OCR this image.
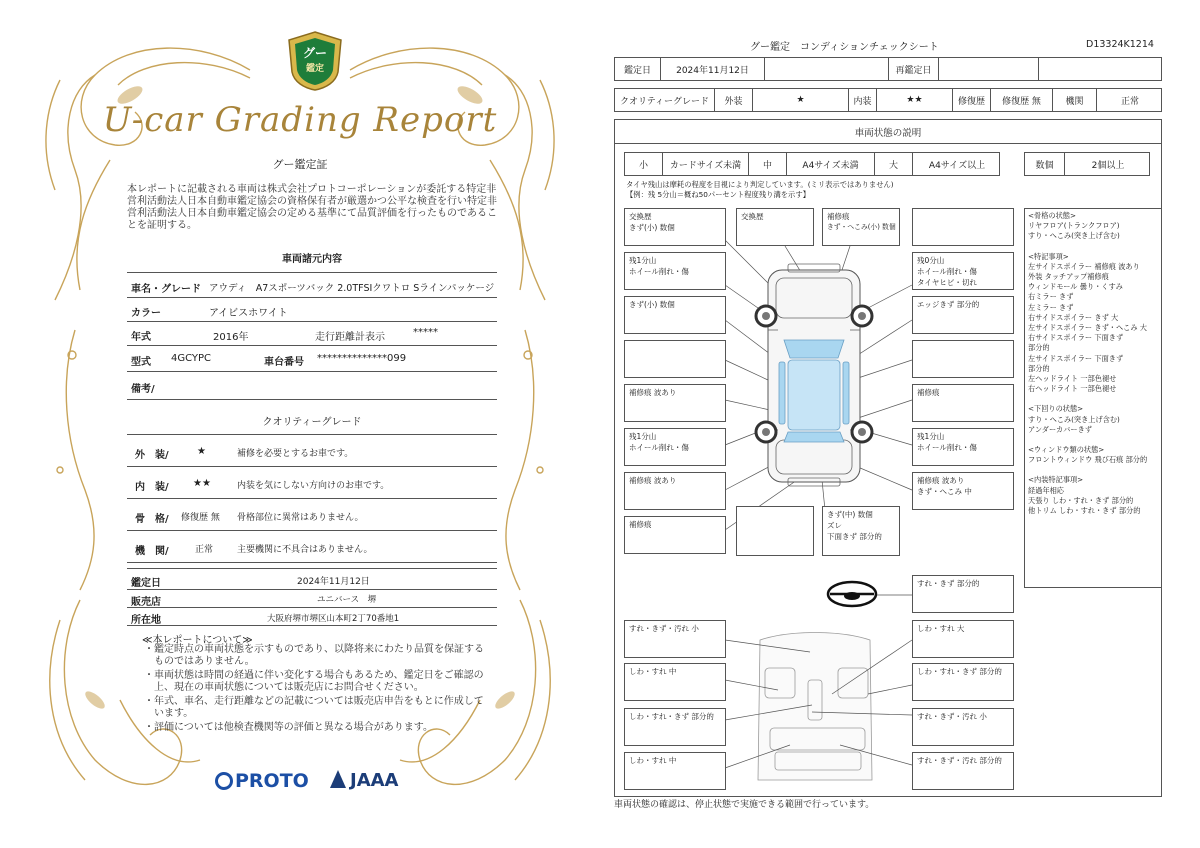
グー
鑑定
U-car Grading Report
グー鑑定証
本レポートに記載される車両は株式会社プロトコーポレーションが委託する特定非営利活動法人日本自動車鑑定協会の資格保有者が厳選かつ公平な検査を行い特定非営利活動法人日本自動車鑑定協会の定める基準にて品質評価を行ったものであることを証明する。
車両諸元内容
車名・グレード アウディ　A7スポーツバック 2.0TFSIクワトロ Sラインパッケージ
カラー	アイビスホワイト
年式	2016年	走行距離計表示	*****
型式 4GCYPC	車台番号 **************099
備考/
クオリティーグレード
外　装/	★	補修を必要とするお車です。
内　装/ ★★	内装を気にしない方向けのお車です。
骨　格/ 修復歴 無 骨格部位に異常はありません。
機　関/	正常	主要機関に不具合はありません。
鑑定日	2024年11月12日
販売店	ユニバース　堺
所在地	大阪府堺市堺区山本町2丁70番地1
≪本レポートについて≫
・鑑定時点の車両状態を示すものであり、以降将来にわたり品質を保証するものではありません。
・車両状態は時間の経過に伴い変化する場合もあるため、鑑定日をご確認の上、現在の車両状態については販売店にお問合せください。
・年式、車名、走行距離などの記載については販売店申告をもとに作成しています。
・評価については他検査機関等の評価と異なる場合があります。
PROTO	JAAA
グー鑑定　コンディションチェックシート	D13324K1214
鑑定日	2024年11月12日	再鑑定日
クオリティーグレード	外装	★	内装	★★	修復歴	修復歴 無	機関	正常
車両状態の説明
小	カードサイズ未満	中	A4サイズ未満	大	A4サイズ以上	数個	2個以上
タイヤ残山は摩耗の程度を目視により判定しています。(ミリ表示ではありません)
【例：残 5分山＝概ね50パーセント程度残り溝を示す】
交換歴
きず(小) 数個
交換歴	補修痕
きず・へこみ(小) 数個
残1分山
ホイール削れ・傷
残0分山
ホイール削れ・傷
タイヤヒビ・切れ
きず(小) 数個	エッジきず 部分的
補修痕 波あり	補修痕
残1分山
ホイール削れ・傷
残1分山
ホイール削れ・傷
補修痕 波あり	補修痕 波あり
きず・へこみ 中
補修痕
きず(中) 数個
ズレ
下面きず 部分的
<骨格の状態>
リヤフロア(トランクフロア)
すり・へこみ(突き上げ含む)
<特記事項>
左サイドスポイラー 補修痕 波あり
外装 タッチアップ補修痕
ウィンドモール 曇り・くすみ
右ミラー きず
左ミラー きず
右サイドスポイラー きず 大
左サイドスポイラー きず・へこみ 大
右サイドスポイラー 下面きず
部分的
左サイドスポイラー 下面きず
部分的
左ヘッドライト 一部色褪せ
右ヘッドライト 一部色褪せ
<下回りの状態>
すり・へこみ(突き上げ含む)
アンダーカバーきず
<ウィンドウ類の状態>
フロントウィンドウ 飛び石痕 部分的
<内装特記事項>
経過年相応
天張り しわ・すれ・きず 部分的
他トリム しわ・すれ・きず 部分的
すれ・きず 部分的
すれ・きず・汚れ 小	しわ・すれ 大
しわ・すれ 中	しわ・すれ・きず 部分的
しわ・すれ・きず 部分的	すれ・きず・汚れ 小
しわ・すれ 中	すれ・きず・汚れ 部分的
車両状態の確認は、停止状態で実施できる範囲で行っています。
